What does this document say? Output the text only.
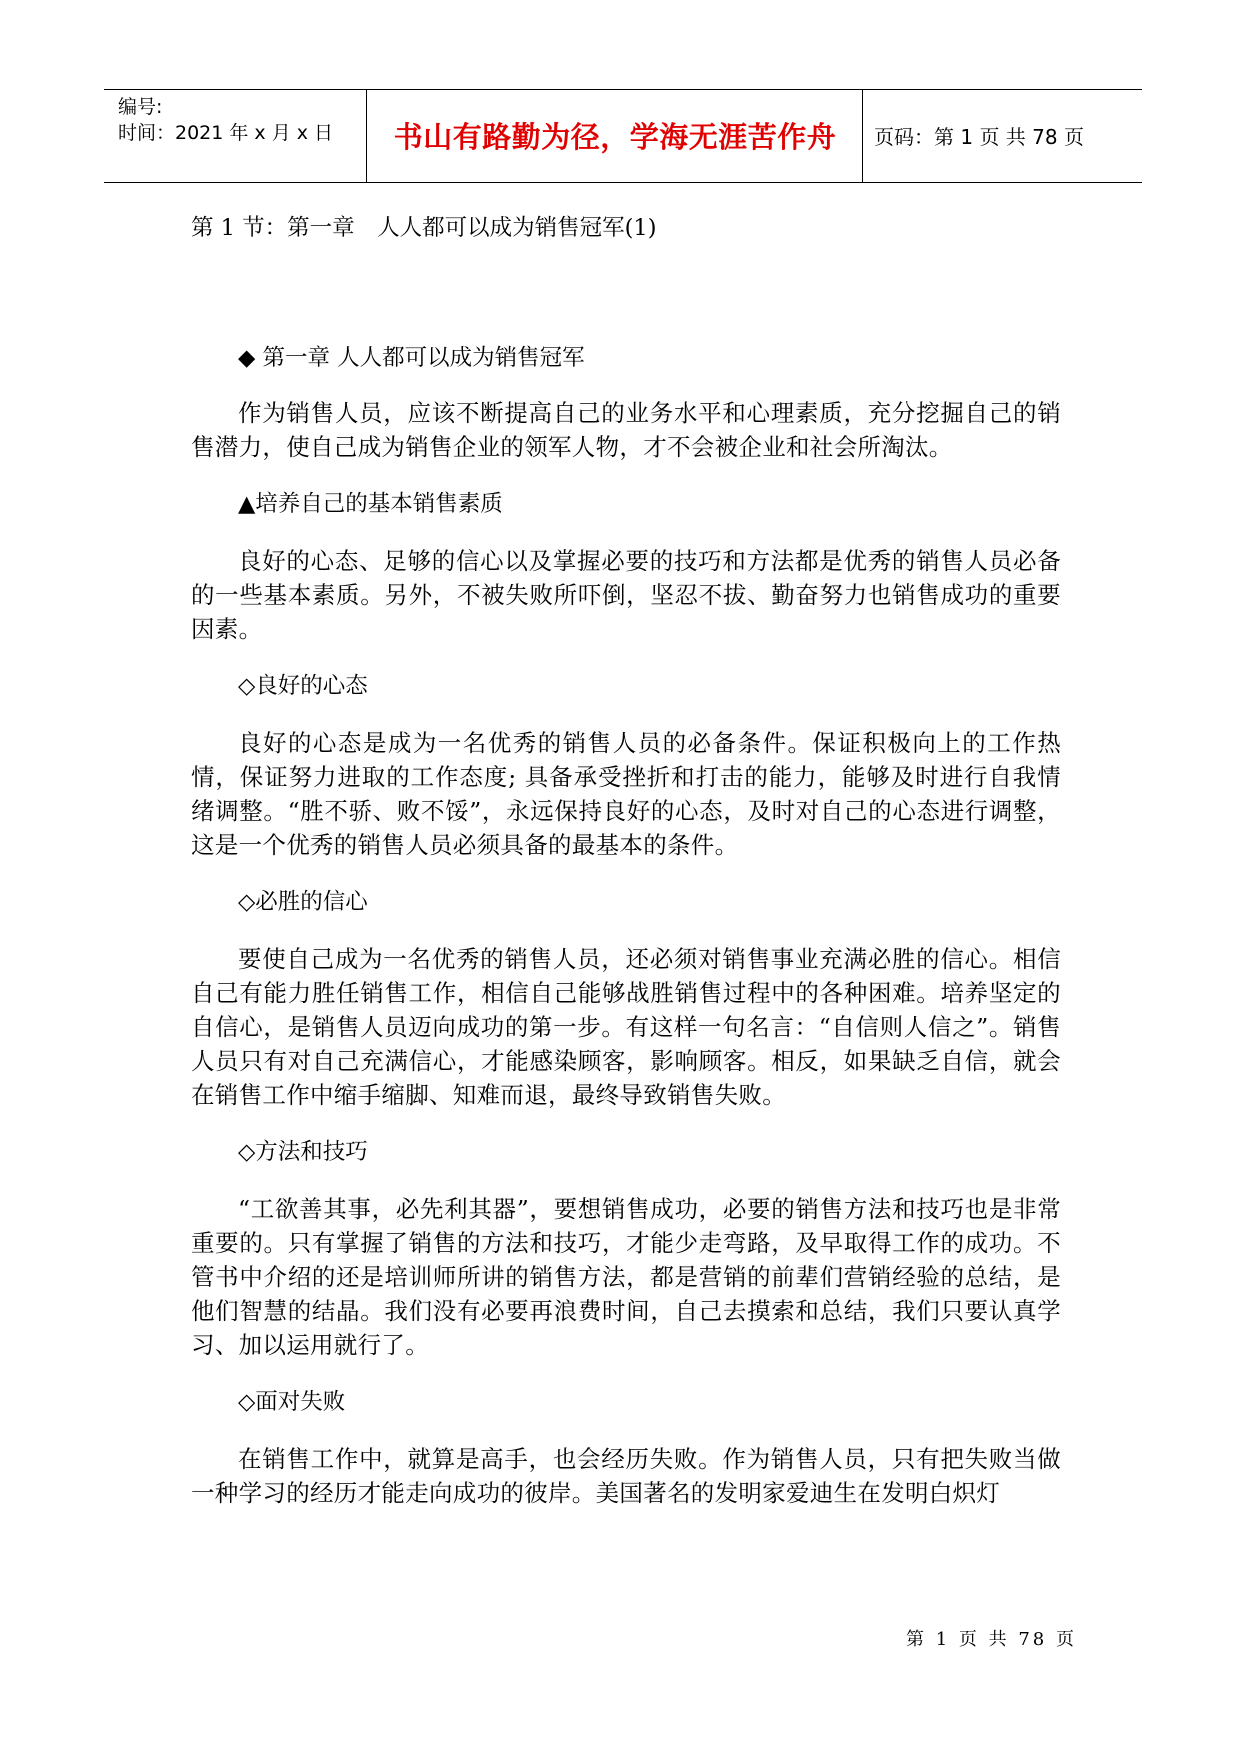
编号:
时间：2021 年 x 月 x 日	书山有路勤为径，学海无涯苦作舟	页码：第 1 页 共 78 页

第 1 节：第一章　人人都可以成为销售冠军(1)

◆ 第一章 人人都可以成为销售冠军

作为销售人员，应该不断提高自己的业务水平和心理素质，充分挖掘自己的销售潜力，使自己成为销售企业的领军人物，才不会被企业和社会所淘汰。

▲培养自己的基本销售素质

良好的心态、足够的信心以及掌握必要的技巧和方法都是优秀的销售人员必备的一些基本素质。另外，不被失败所吓倒，坚忍不拔、勤奋努力也销售成功的重要因素。

◇良好的心态

良好的心态是成为一名优秀的销售人员的必备条件。保证积极向上的工作热情，保证努力进取的工作态度; 具备承受挫折和打击的能力，能够及时进行自我情绪调整。“胜不骄、败不馁”，永远保持良好的心态，及时对自己的心态进行调整，这是一个优秀的销售人员必须具备的最基本的条件。

◇必胜的信心

要使自己成为一名优秀的销售人员，还必须对销售事业充满必胜的信心。相信自己有能力胜任销售工作，相信自己能够战胜销售过程中的各种困难。培养坚定的自信心，是销售人员迈向成功的第一步。有这样一句名言：“自信则人信之”。销售人员只有对自己充满信心，才能感染顾客，影响顾客。相反，如果缺乏自信，就会在销售工作中缩手缩脚、知难而退，最终导致销售失败。

◇方法和技巧

“工欲善其事，必先利其器”，要想销售成功，必要的销售方法和技巧也是非常重要的。只有掌握了销售的方法和技巧，才能少走弯路，及早取得工作的成功。不管书中介绍的还是培训师所讲的销售方法，都是营销的前辈们营销经验的总结，是他们智慧的结晶。我们没有必要再浪费时间，自己去摸索和总结，我们只要认真学习、加以运用就行了。

◇面对失败

在销售工作中，就算是高手，也会经历失败。作为销售人员，只有把失败当做一种学习的经历才能走向成功的彼岸。美国著名的发明家爱迪生在发明白炽灯

第 1 页 共 78 页
